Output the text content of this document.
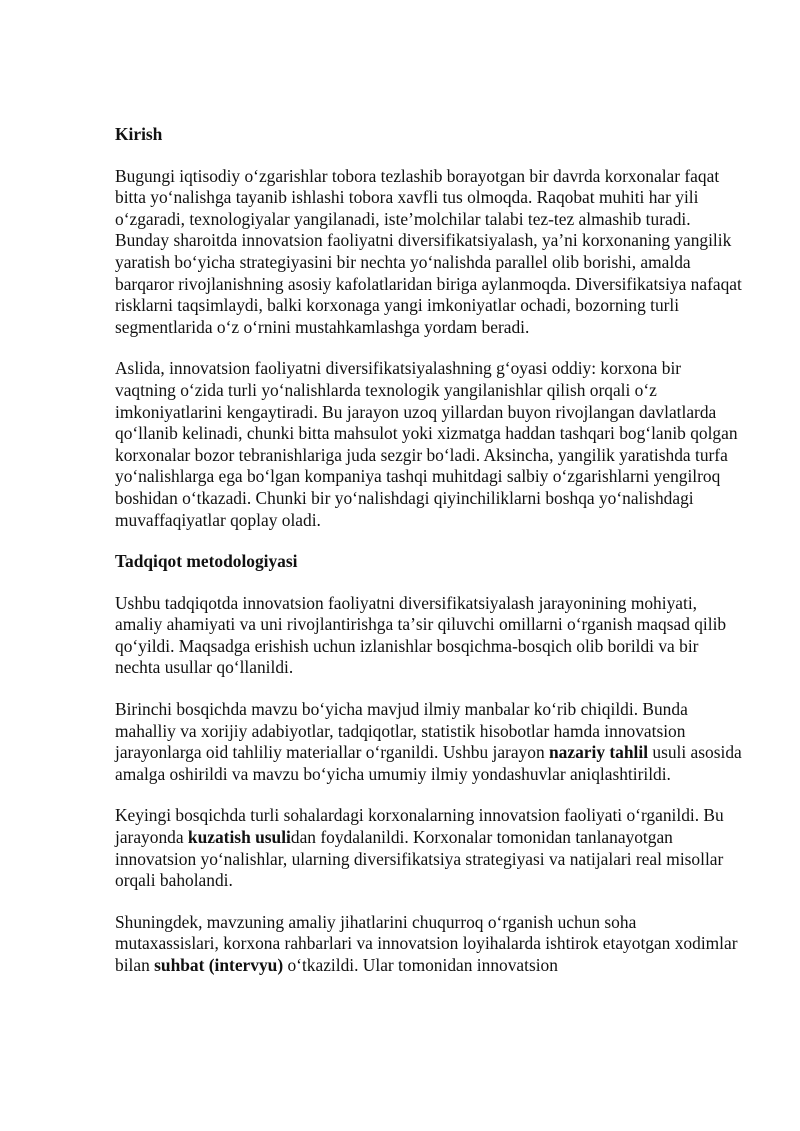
Kirish

Bugungi iqtisodiy oʻzgarishlar tobora tezlashib borayotgan bir davrda korxonalar faqat bitta yoʻnalishga tayanib ishlashi tobora xavfli tus olmoqda. Raqobat muhiti har yili oʻzgaradi, texnologiyalar yangilanadi, isteʼmolchilar talabi tez-tez almashib turadi. Bunday sharoitda innovatsion faoliyatni diversifikatsiyalash, yaʼni korxonaning yangilik yaratish boʻyicha strategiyasini bir nechta yoʻnalishda parallel olib borishi, amalda barqaror rivojlanishning asosiy kafolatlaridan biriga aylanmoqda. Diversifikatsiya nafaqat risklarni taqsimlaydi, balki korxonaga yangi imkoniyatlar ochadi, bozorning turli segmentlarida oʻz oʻrnini mustahkamlashga yordam beradi.

Aslida, innovatsion faoliyatni diversifikatsiyalashning gʻoyasi oddiy: korxona bir vaqtning oʻzida turli yoʻnalishlarda texnologik yangilanishlar qilish orqali oʻz imkoniyatlarini kengaytiradi. Bu jarayon uzoq yillardan buyon rivojlangan davlatlarda qoʻllanib kelinadi, chunki bitta mahsulot yoki xizmatga haddan tashqari bogʻlanib qolgan korxonalar bozor tebranishlariga juda sezgir boʻladi. Aksincha, yangilik yaratishda turfa yoʻnalishlarga ega boʻlgan kompaniya tashqi muhitdagi salbiy oʻzgarishlarni yengilroq boshidan oʻtkazadi. Chunki bir yoʻnalishdagi qiyinchiliklarni boshqa yoʻnalishdagi muvaffaqiyatlar qoplay oladi.

Tadqiqot metodologiyasi

Ushbu tadqiqotda innovatsion faoliyatni diversifikatsiyalash jarayonining mohiyati, amaliy ahamiyati va uni rivojlantirishga taʼsir qiluvchi omillarni oʻrganish maqsad qilib qoʻyildi. Maqsadga erishish uchun izlanishlar bosqichma-bosqich olib borildi va bir nechta usullar qoʻllanildi.

Birinchi bosqichda mavzu boʻyicha mavjud ilmiy manbalar koʻrib chiqildi. Bunda mahalliy va xorijiy adabiyotlar, tadqiqotlar, statistik hisobotlar hamda innovatsion jarayonlarga oid tahliliy materiallar oʻrganildi. Ushbu jarayon nazariy tahlil usuli asosida amalga oshirildi va mavzu boʻyicha umumiy ilmiy yondashuvlar aniqlashtirildi.

Keyingi bosqichda turli sohalardagi korxonalarning innovatsion faoliyati oʻrganildi. Bu jarayonda kuzatish usulidan foydalanildi. Korxonalar tomonidan tanlanayotgan innovatsion yoʻnalishlar, ularning diversifikatsiya strategiyasi va natijalari real misollar orqali baholandi.

Shuningdek, mavzuning amaliy jihatlarini chuqurroq oʻrganish uchun soha mutaxassislari, korxona rahbarlari va innovatsion loyihalarda ishtirok etayotgan xodimlar bilan suhbat (intervyu) oʻtkazildi. Ular tomonidan innovatsion
